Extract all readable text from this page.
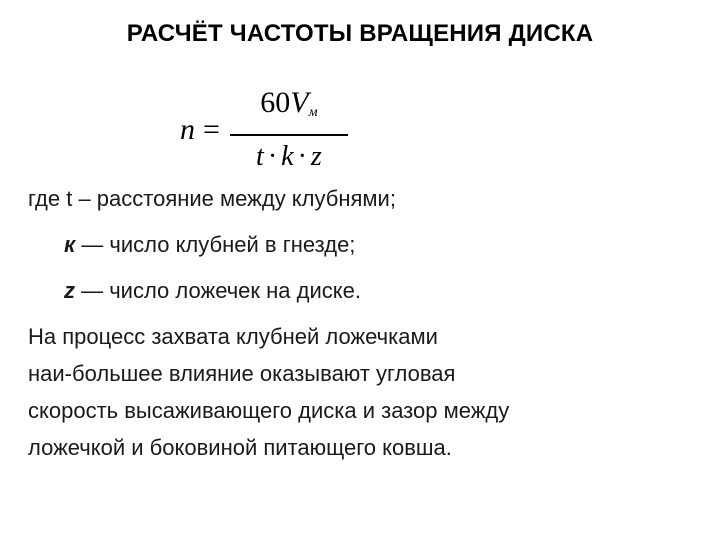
РАСЧЁТ ЧАСТОТЫ ВРАЩЕНИЯ ДИСКА
$n = \frac{60V_м}{t \cdot k \cdot z}$
где t – расстояние между клубнями;
к — число клубней в гнезде;
z — число ложечек на диске.
На процесс захвата клубней ложечками
наи-большее влияние оказывают угловая
скорость высаживающего диска и зазор между
ложечкой и боковиной питающего ковша.
